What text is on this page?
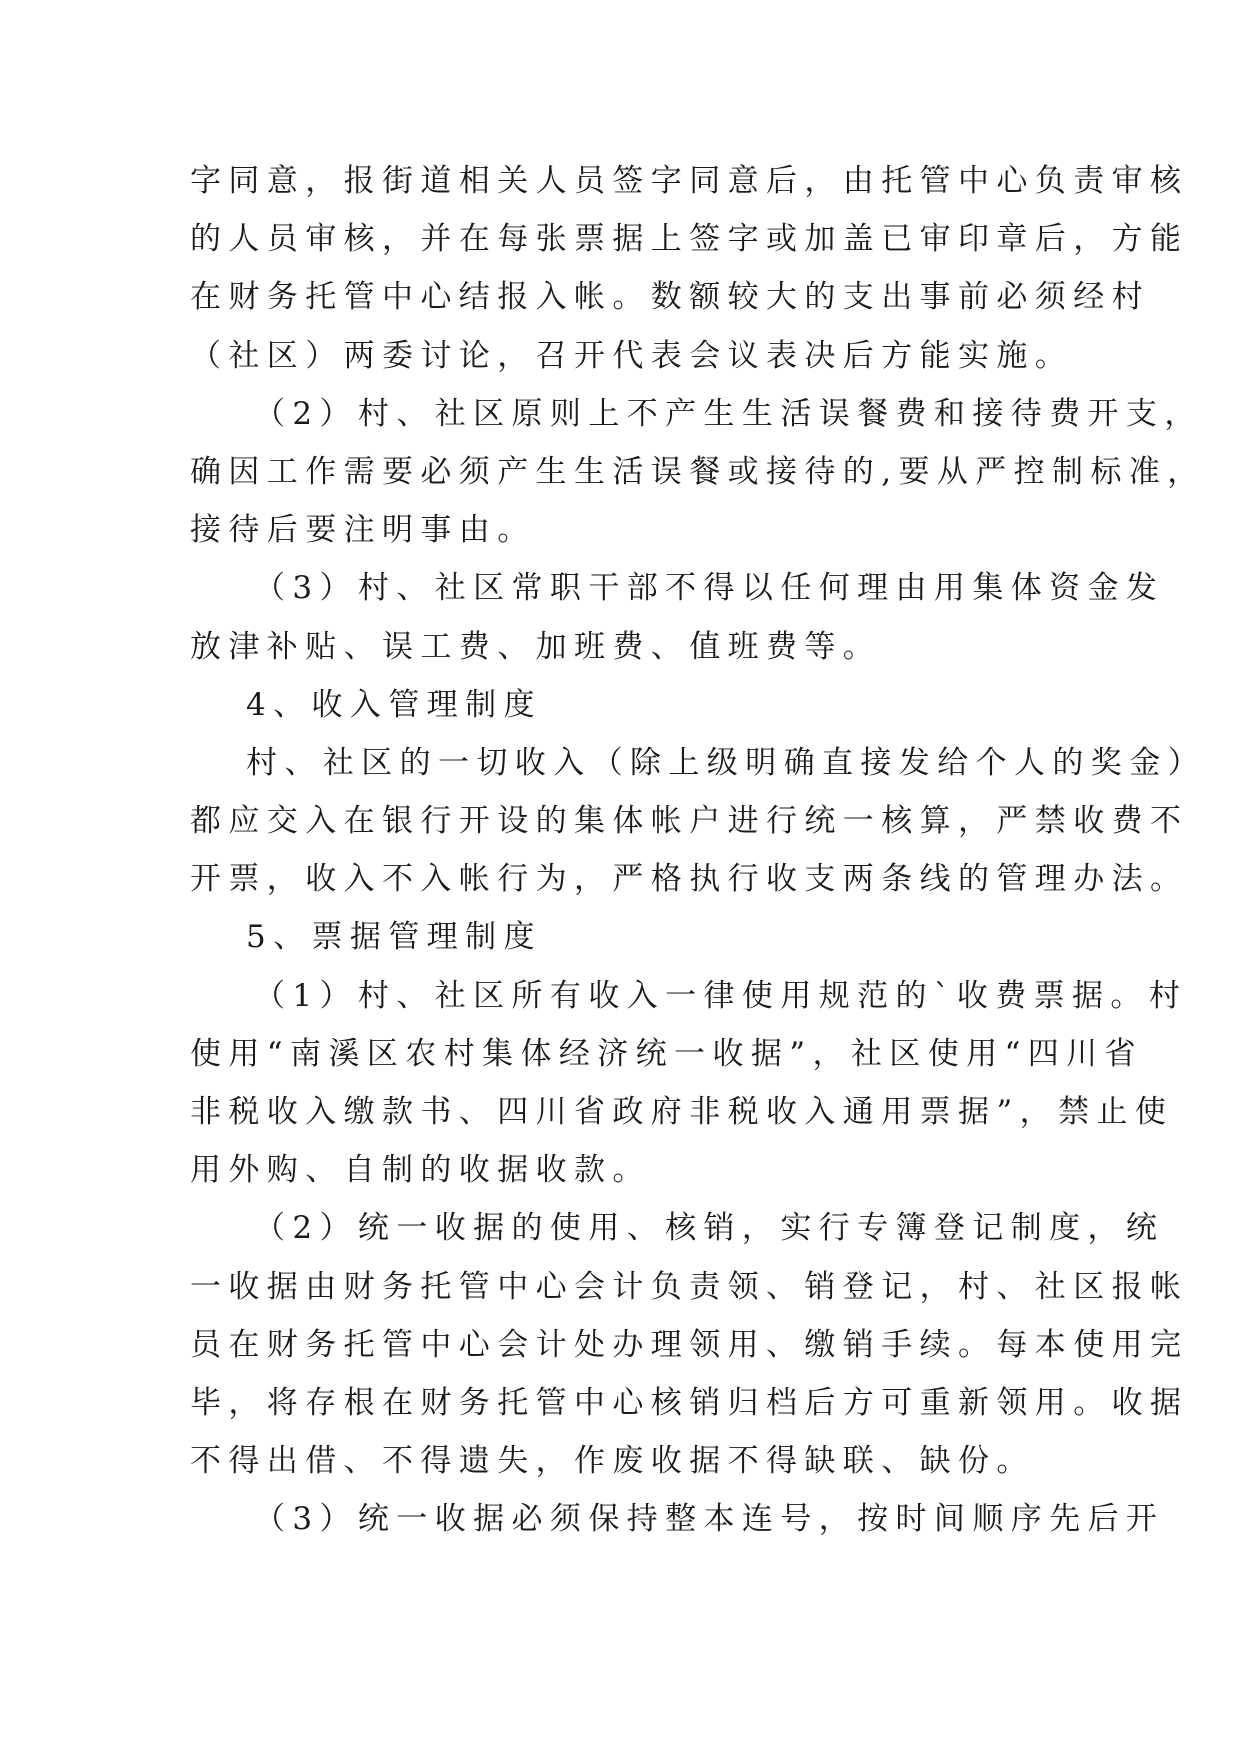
字同意，报街道相关人员签字同意后，由托管中心负责审核
的人员审核，并在每张票据上签字或加盖已审印章后，方能
在财务托管中心结报入帐。数额较大的支出事前必须经村
（社区）两委讨论，召开代表会议表决后方能实施。
（2）村、社区原则上不产生生活误餐费和接待费开支，
确因工作需要必须产生生活误餐或接待的,要从严控制标准，
接待后要注明事由。
（3）村、社区常职干部不得以任何理由用集体资金发
放津补贴、误工费、加班费、值班费等。
4、收入管理制度
村、社区的一切收入（除上级明确直接发给个人的奖金）
都应交入在银行开设的集体帐户进行统一核算，严禁收费不
开票，收入不入帐行为，严格执行收支两条线的管理办法。
5、票据管理制度
（1）村、社区所有收入一律使用规范的`收费票据。村
使用“南溪区农村集体经济统一收据”，社区使用“四川省
非税收入缴款书、四川省政府非税收入通用票据”，禁止使
用外购、自制的收据收款。
（2）统一收据的使用、核销，实行专簿登记制度，统
一收据由财务托管中心会计负责领、销登记，村、社区报帐
员在财务托管中心会计处办理领用、缴销手续。每本使用完
毕，将存根在财务托管中心核销归档后方可重新领用。收据
不得出借、不得遗失，作废收据不得缺联、缺份。
（3）统一收据必须保持整本连号，按时间顺序先后开
